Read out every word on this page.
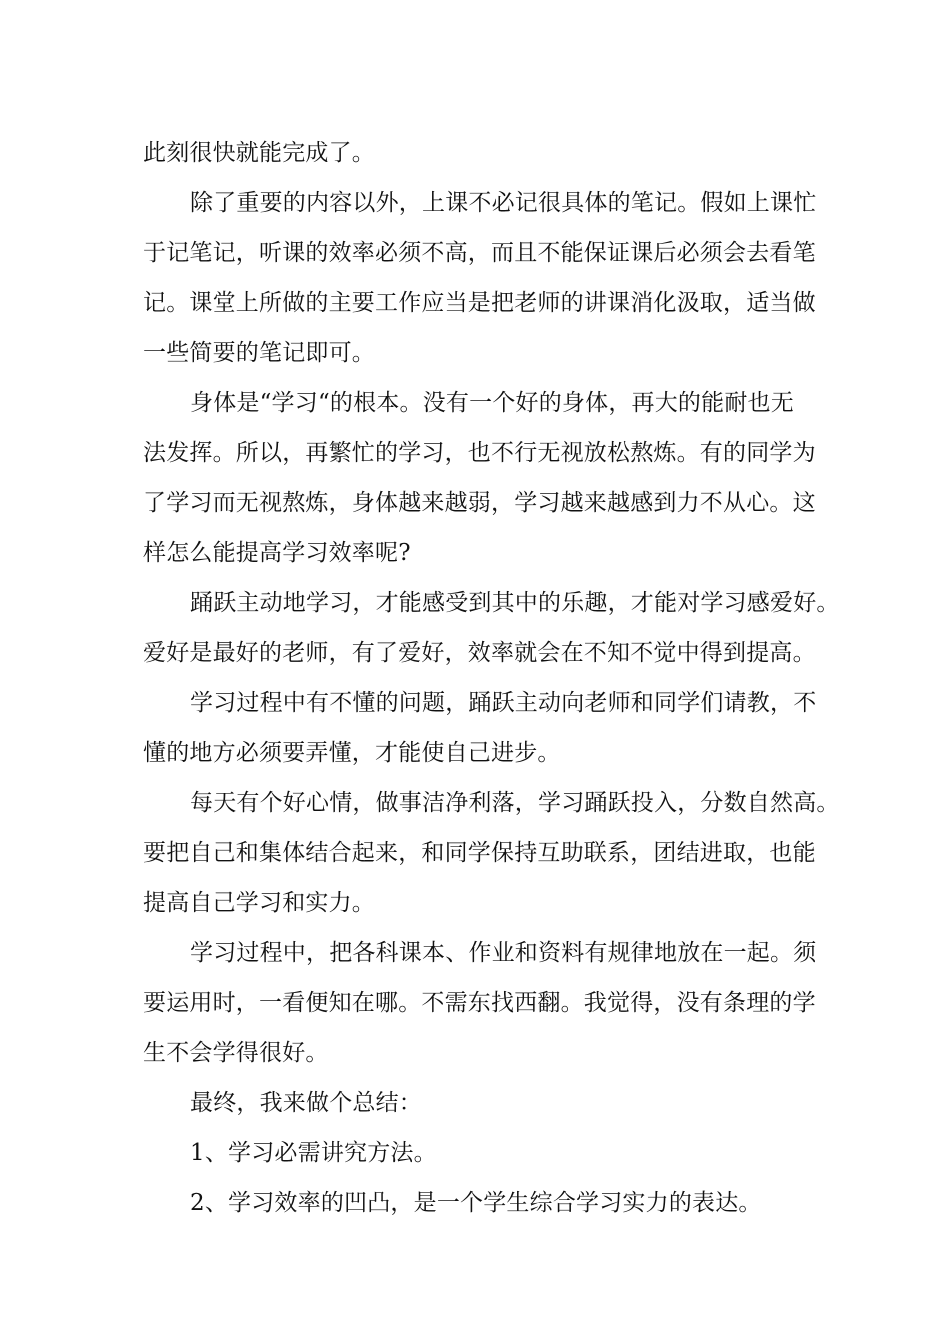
此刻很快就能完成了。
除了重要的内容以外，上课不必记很具体的笔记。假如上课忙
于记笔记，听课的效率必须不高，而且不能保证课后必须会去看笔
记。课堂上所做的主要工作应当是把老师的讲课消化汲取，适当做
一些简要的笔记即可。
身体是“学习“的根本。没有一个好的身体，再大的能耐也无
法发挥。所以，再繁忙的学习，也不行无视放松熬炼。有的同学为
了学习而无视熬炼，身体越来越弱，学习越来越感到力不从心。这
样怎么能提高学习效率呢?
踊跃主动地学习，才能感受到其中的乐趣，才能对学习感爱好。
爱好是最好的老师，有了爱好，效率就会在不知不觉中得到提高。
学习过程中有不懂的问题，踊跃主动向老师和同学们请教，不
懂的地方必须要弄懂，才能使自己进步。
每天有个好心情，做事洁净利落，学习踊跃投入，分数自然高。
要把自己和集体结合起来，和同学保持互助联系，团结进取，也能
提高自己学习和实力。
学习过程中，把各科课本、作业和资料有规律地放在一起。须
要运用时，一看便知在哪。不需东找西翻。我觉得，没有条理的学
生不会学得很好。
最终，我来做个总结：
1、学习必需讲究方法。
2、学习效率的凹凸，是一个学生综合学习实力的表达。
